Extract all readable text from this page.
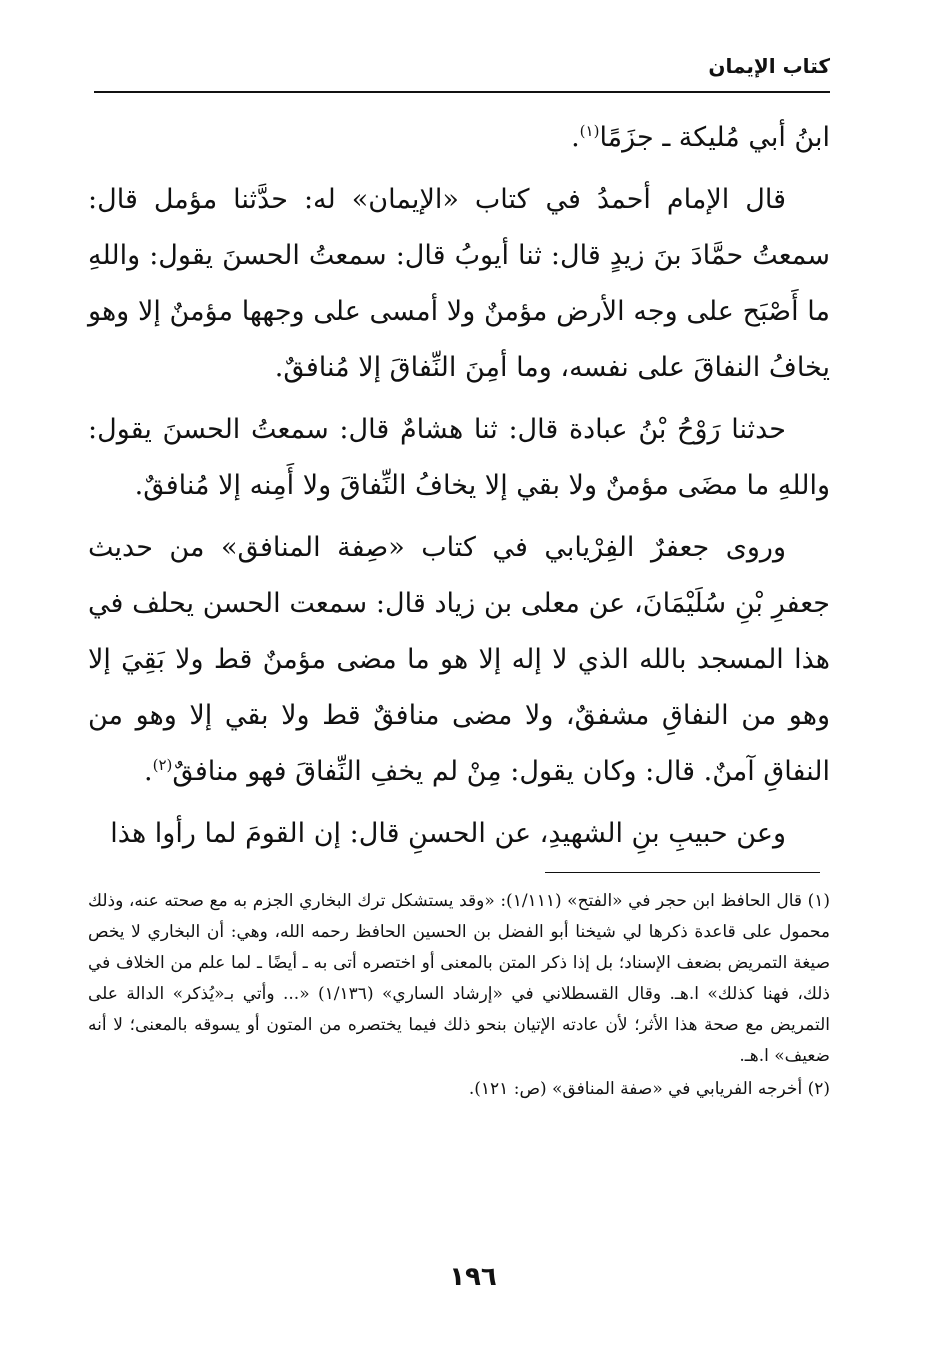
كتاب الإيمان

ابنُ أبي مُليكة ـ جزَمًا$^{(١)}$.

قال الإمام أحمدُ في كتاب «الإيمان» له: حدَّثنا مؤمل قال: سمعتُ حمَّادَ بنَ زيدٍ قال: ثنا أيوبُ قال: سمعتُ الحسنَ يقول: واللهِ ما أَصْبَح على وجه الأرض مؤمنٌ ولا أمسى على وجهها مؤمنٌ إلا وهو يخافُ النفاقَ على نفسه، وما أمِنَ النِّفاقَ إلا مُنافقٌ.

حدثنا رَوْحُ بْنُ عبادة قال: ثنا هشامٌ قال: سمعتُ الحسنَ يقول: واللهِ ما مضَى مؤمنٌ ولا بقي إلا يخافُ النِّفاقَ ولا أَمِنه إلا مُنافقٌ.

وروى جعفرٌ الفِرْيابي في كتاب «صِفة المنافق» من حديث جعفرِ بْنِ سُلَيْمَانَ، عن معلى بن زياد قال: سمعت الحسن يحلف في هذا المسجد بالله الذي لا إله إلا هو ما مضى مؤمنٌ قط ولا بَقِيَ إلا وهو من النفاقِ مشفقٌ، ولا مضى منافقٌ قط ولا بقي إلا وهو من النفاقِ آمنٌ. قال: وكان يقول: مِنْ لم يخفِ النِّفاقَ فهو منافقٌ$^{(٢)}$.

وعن حبيبِ بنِ الشهيدِ، عن الحسنِ قال: إن القومَ لما رأوا هذا

(١) قال الحافظ ابن حجر في «الفتح» (١/١١١): «وقد يستشكل ترك البخاري الجزم به مع صحته عنه، وذلك محمول على قاعدة ذكرها لي شيخنا أبو الفضل بن الحسين الحافظ رحمه الله، وهي: أن البخاري لا يخص صيغة التمريض بضعف الإسناد؛ بل إذا ذكر المتن بالمعنى أو اختصره أتى به ـ أيضًا ـ لما علم من الخلاف في ذلك، فهنا كذلك» ا.هـ. وقال القسطلاني في «إرشاد الساري» (١/١٣٦) «... وأتي بـ«يُذكر» الدالة على التمريض مع صحة هذا الأثر؛ لأن عادته الإتيان بنحو ذلك فيما يختصره من المتون أو يسوقه بالمعنى؛ لا أنه ضعيف» ا.هـ.

(٢) أخرجه الفريابي في «صفة المنافق» (ص: ١٢١).

١٩٦
